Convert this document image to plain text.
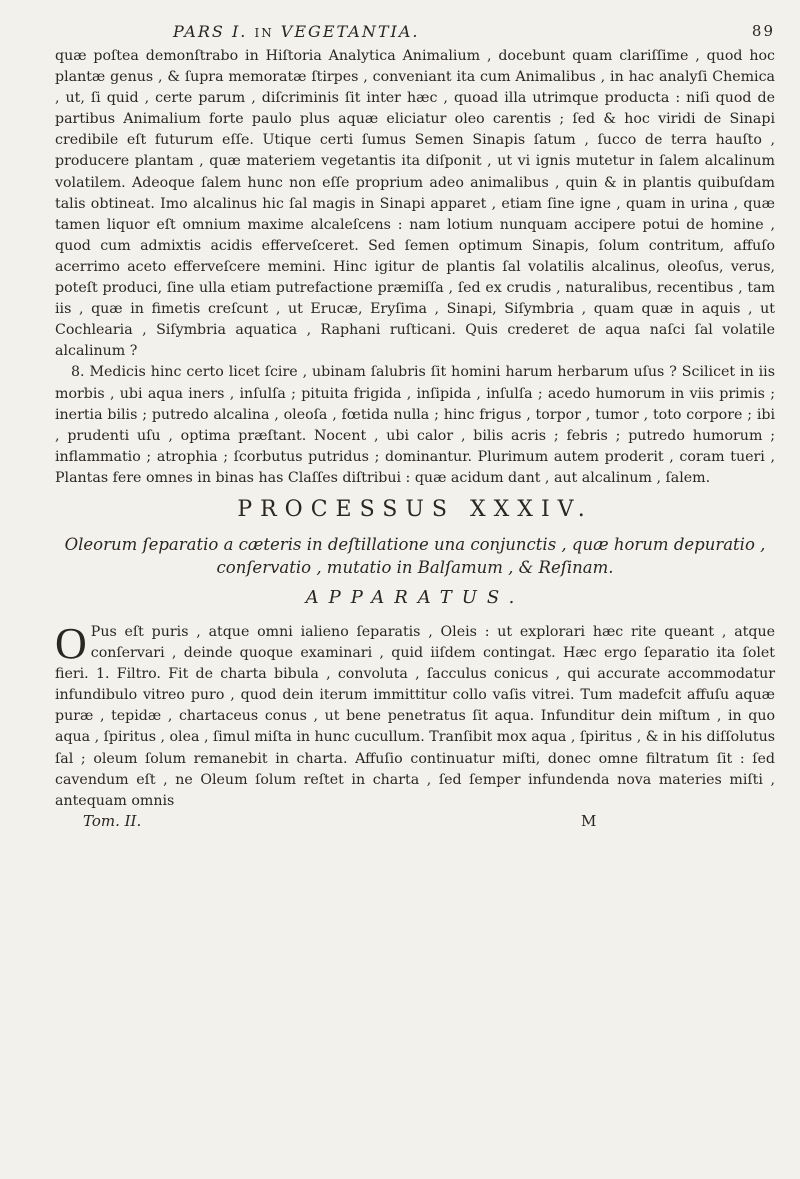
PARS I. IN VEGETANTIA.	89

quæ poſtea demonſtrabo in Hiſtoria Analytica Animalium , docebunt quam clariſſime , quod hoc plantæ genus , & ſupra memoratæ ſtirpes , conveniant ita cum Animalibus , in hac analyſi Chemica , ut, ſi quid , certe parum , diſcriminis ſit inter hæc , quoad illa utrimque producta : niſi quod de partibus Animalium forte paulo plus aquæ eliciatur oleo carentis ; ſed & hoc viridi de Sinapi credibile eſt futurum eſſe. Utique certi ſumus Semen Sinapis ſatum , ſucco de terra hauſto , producere plantam , quæ materiem vegetantis ita diſponit , ut vi ignis mutetur in ſalem alcalinum volatilem. Adeoque ſalem hunc non eſſe proprium adeo animalibus , quin & in plantis quibuſdam talis obtineat. Imo alcalinus hic ſal magis in Sinapi apparet , etiam ſine igne , quam in urina , quæ tamen liquor eſt omnium maxime alcaleſcens : nam lotium nunquam accipere potui de homine , quod cum admixtis acidis efferveſceret. Sed ſemen optimum Sinapis, ſolum contritum, affuſo acerrimo aceto efferveſcere memini. Hinc igitur de plantis ſal volatilis alcalinus, oleoſus, verus, poteſt produci, ſine ulla etiam putrefactione præmiſſa , ſed ex crudis , naturalibus, recentibus , tam iis , quæ in fimetis creſcunt , ut Erucæ, Eryſima , Sinapi, Siſymbria , quam quæ in aquis , ut Cochlearia , Siſymbria aquatica , Raphani ruſticani. Quis crederet de aqua naſci ſal volatile alcalinum ?

8. Medicis hinc certo licet ſcire , ubinam ſalubris ſit homini harum herbarum uſus ? Scilicet in iis morbis , ubi aqua iners , inſulſa ; pituita frigida , inſipida , inſulſa ; acedo humorum in viis primis ; inertia bilis ; putredo alcalina , oleoſa , fœtida nulla ; hinc frigus , torpor , tumor , toto corpore ; ibi , prudenti uſu , optima præſtant. Nocent , ubi calor , bilis acris ; febris ; putredo humorum ; inflammatio ; atrophia ; ſcorbutus putridus ; dominantur. Plurimum autem proderit , coram tueri , Plantas fere omnes in binas has Claſſes diſtribui : quæ acidum dant , aut alcalinum , ſalem.

PROCESSUS XXXIV.
Oleorum ſeparatio a cæteris in deſtillatione una conjunctis , quæ horum depuratio , conſervatio , mutatio in Balſamum , & Reſinam.
APPARATUS.

O Pus eſt puris , atque omni ialieno ſeparatis , Oleis : ut explorari hæc rite queant , atque conſervari , deinde quoque examinari , quid iiſdem contingat. Hæc ergo ſeparatio ita ſolet fieri. 1. Filtro. Fit de charta bibula , convoluta , ſacculus conicus , qui accurate accommodatur infundibulo vitreo puro , quod dein iterum immittitur collo vaſis vitrei. Tum madefcit affuſu aquæ puræ , tepidæ , chartaceus conus , ut bene penetratus ſit aqua. Infunditur dein miſtum , in quo aqua , ſpiritus , olea , ſimul miſta in hunc cucullum. Tranſibit mox aqua , ſpiritus , & in his diſſolutus ſal ; oleum ſolum remanebit in charta. Affuſio continuatur miſti, donec omne filtratum ſit : ſed cavendum eſt , ne Oleum ſolum reſtet in charta , ſed ſemper infundenda nova materies miſti , antequam omnis

Tom. II.	M
